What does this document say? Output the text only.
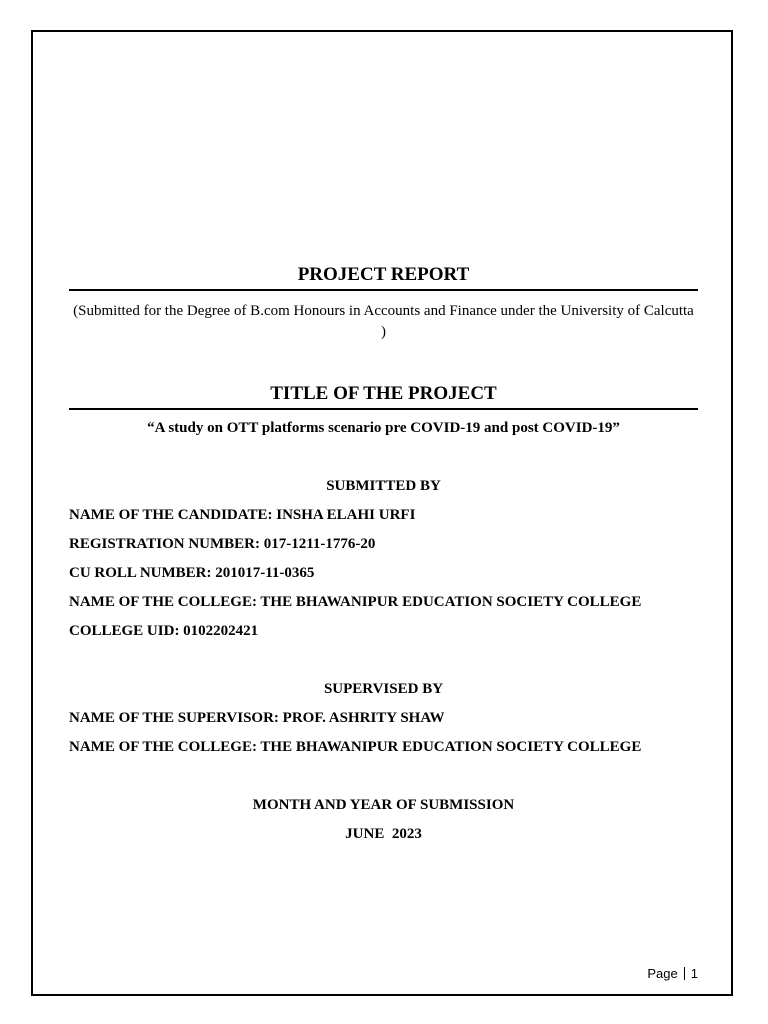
PROJECT REPORT
(Submitted for the Degree of B.com Honours in Accounts and Finance under the University of Calcutta )
TITLE OF THE PROJECT
“A study on OTT platforms scenario pre COVID-19 and post COVID-19”
SUBMITTED BY
NAME OF THE CANDIDATE: INSHA ELAHI URFI
REGISTRATION NUMBER: 017-1211-1776-20
CU ROLL NUMBER: 201017-11-0365
NAME OF THE COLLEGE: THE BHAWANIPUR EDUCATION SOCIETY COLLEGE
COLLEGE UID: 0102202421
SUPERVISED BY
NAME OF THE SUPERVISOR: PROF. ASHRITY SHAW
NAME OF THE COLLEGE: THE BHAWANIPUR EDUCATION SOCIETY COLLEGE
MONTH AND YEAR OF SUBMISSION
JUNE  2023
Page 1
